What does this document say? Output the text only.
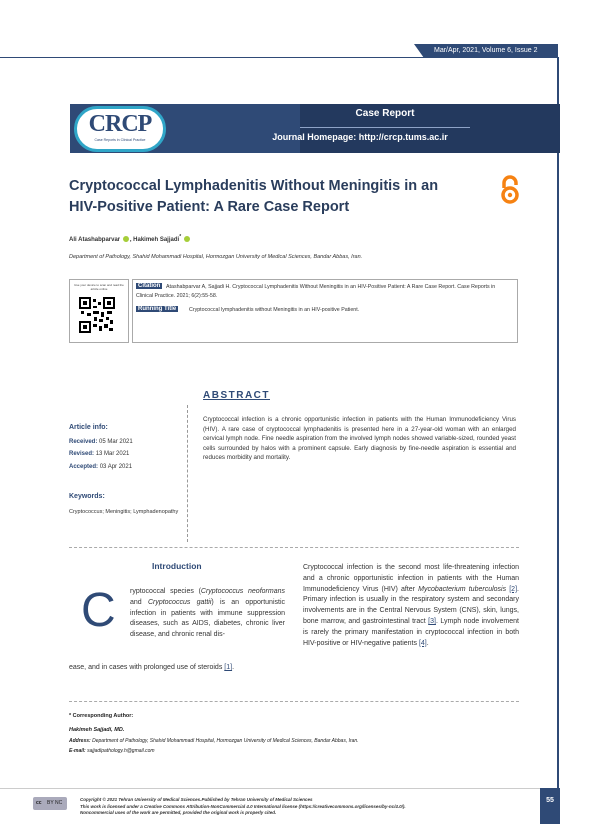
Mar/Apr, 2021, Volume 6, Issue 2
CRCP
Case Reports in Clinical Practice
Case Report
Journal Homepage: http://crcp.tums.ac.ir
Cryptococcal Lymphadenitis Without Meningitis in an HIV-Positive Patient: A Rare Case Report
Ali Atashabparvar , Hakimeh Sajjadi*
Department of Pathology, Shahid Mohammadi Hospital, Hormozgan University of Medical Sciences, Bandar Abbas, Iran.
Use your device to scan and read the article online	Atashabparvar A, Sajjadi H. Cryptococcal Lymphadenitis Without Meningitis in an HIV-Positive Patient: A Rare Case Report. Case Reports in Clinical Practice. 2021; 6(2):55-58.
Citation
Running Title	Cryptococcal lymphadenitis without Meningitis in an HIV-positive Patient.
ABSTRACT
Cryptococcal infection is a chronic opportunistic infection in patients with the Human Immunodeficiency Virus (HIV). A rare case of cryptococcal lymphadenitis is presented here in a 27-year-old woman with an enlarged cervical lymph node. Fine needle aspiration from the involved lymph nodes showed variable-sized, rounded yeast cells surrounded by halos with a prominent capsule. Early diagnosis by fine-needle aspiration is essential and reduces morbidity and mortality.
Article info:
Received: 05 Mar 2021
Revised: 13 Mar 2021
Accepted: 03 Apr 2021
Keywords:
Cryptococcus; Meningitis; Lymphadenopathy
Introduction
C ryptococcal species (Cryptococcus neoformans and Cryptococcus gattii) is an opportunistic infection in patients with immune suppression diseases, such as AIDS, diabetes, chronic liver disease, and chronic renal dis-
ease, and in cases with prolonged use of steroids [1].
Cryptococcal infection is the second most life-threatening infection and a chronic opportunistic infection in patients with the Human Immunodeficiency Virus (HIV) after Mycobacterium tuberculosis [2]. Primary infection is usually in the respiratory system and secondary involvements are in the Central Nervous System (CNS), skin, lungs, bone marrow, and gastrointestinal tract [3]. Lymph node involvement is rarely the primary manifestation in cryptococcal infection in both HIV-positive or HIV-negative patients [4].
* Corresponding Author:
Hakimeh Sajjadi, MD.
Address: Department of Pathology, Shahid Mohammadi Hospital, Hormozgan University of Medical Sciences, Bandar Abbas, Iran.
E-mail: sajjadipathology.h@gmail.com
cc BY NC
Copyright © 2021 Tehran University of Medical Sciences.Published by Tehran University of Medical Sciences
This work is licensed under a Creative Commons Attribution-NonCommercial 4.0 International license (https://creativecommons.org/licenses/by-nc/4.0/).
Noncommercial uses of the work are permitted, provided the original work is properly cited.
55
